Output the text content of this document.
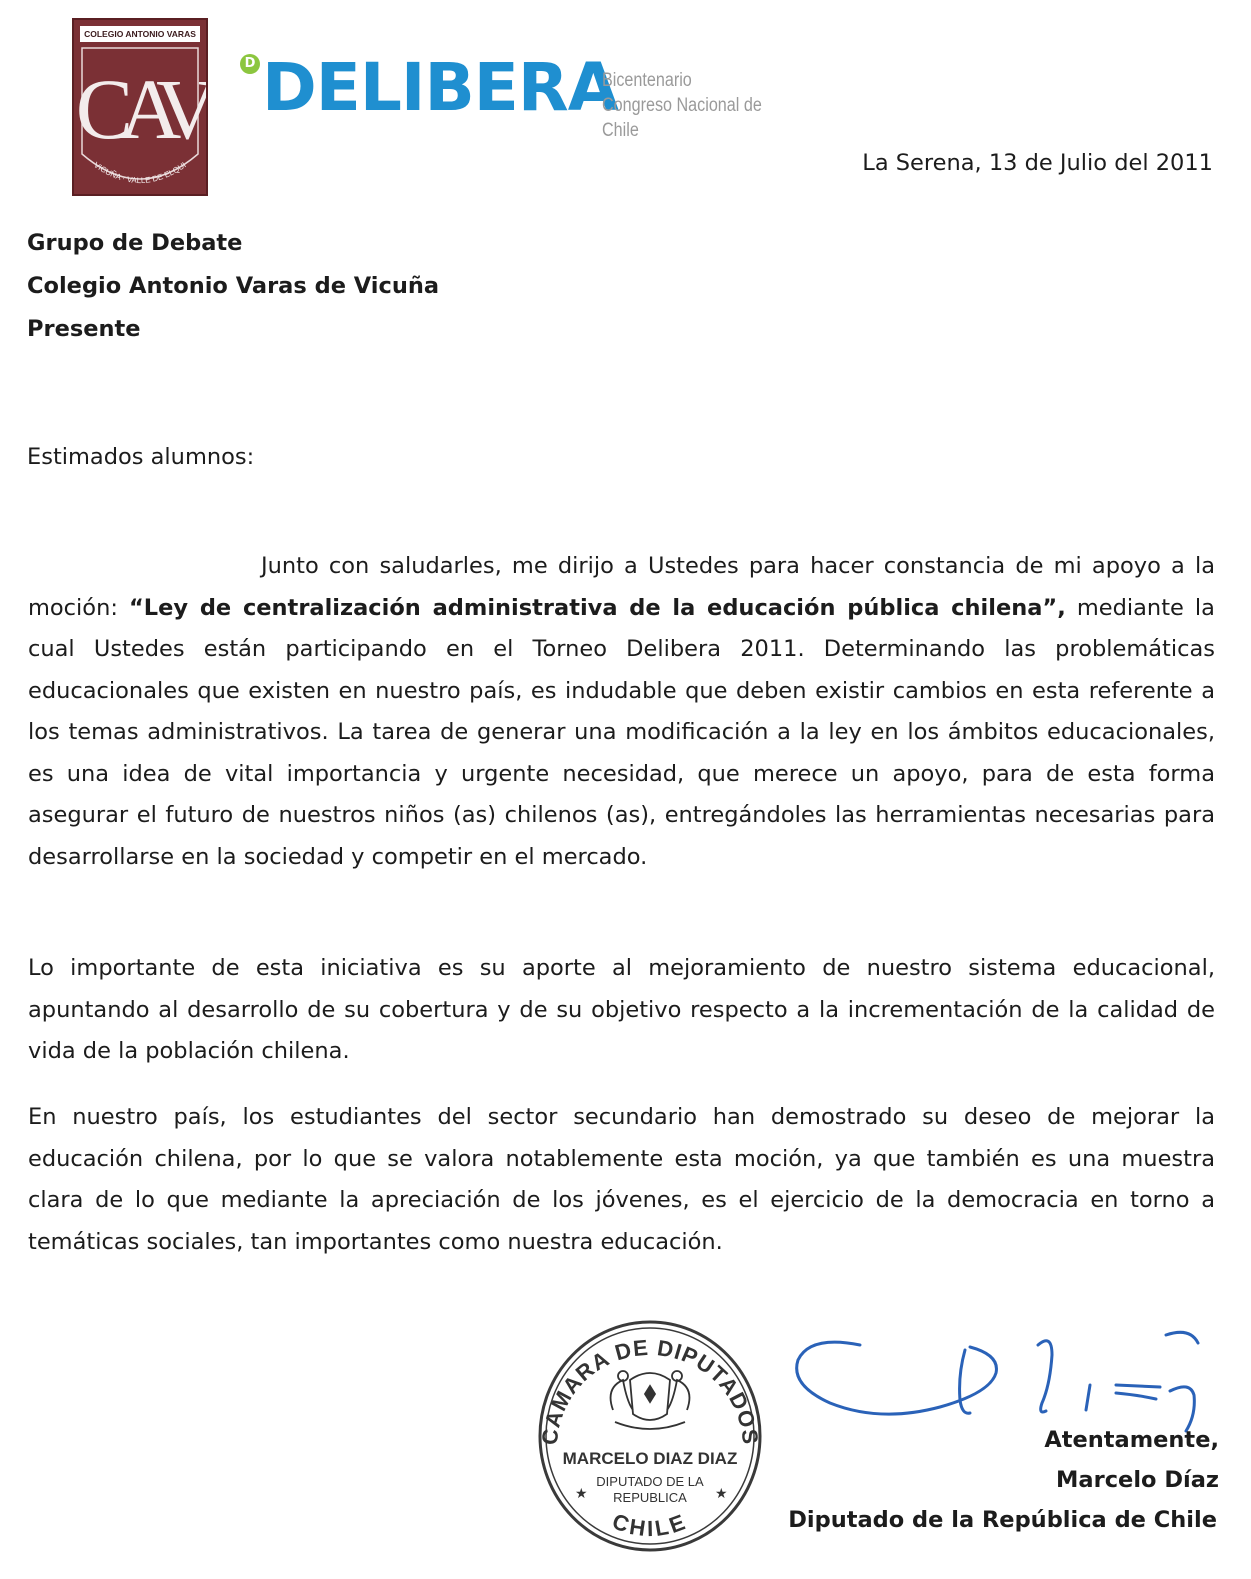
COLEGIO ANTONIO VARAS
CAV
VICUÑA · VALLE DE ELQUI
D DELIBERA
Bicentenario
Congreso Nacional de Chile
La Serena, 13 de Julio del 2011
Grupo de Debate
Colegio Antonio Varas de Vicuña
Presente
Estimados alumnos:
Junto con saludarles, me dirijo a Ustedes para hacer constancia de mi apoyo a la moción: “Ley de centralización administrativa de la educación pública chilena”, mediante la cual Ustedes están participando en el Torneo Delibera 2011. Determinando las problemáticas educacionales que existen en nuestro país, es indudable que deben existir cambios en esta referente a los temas administrativos. La tarea de generar una modificación a la ley en los ámbitos educacionales, es una idea de vital importancia y urgente necesidad, que merece un apoyo, para de esta forma asegurar el futuro de nuestros niños (as) chilenos (as), entregándoles las herramientas necesarias para desarrollarse en la sociedad y competir en el mercado.
Lo importante de esta iniciativa es su aporte al mejoramiento de nuestro sistema educacional, apuntando al desarrollo de su cobertura y de su objetivo respecto a la incrementación de la calidad de vida de la población chilena.
En nuestro país, los estudiantes del sector secundario han demostrado su deseo de mejorar la educación chilena, por lo que se valora notablemente esta moción, ya que también es una muestra clara de lo que mediante la apreciación de los jóvenes, es el ejercicio de la democracia en torno a temáticas sociales, tan importantes como nuestra educación.
CAMARA DE DIPUTADOS
MARCELO DIAZ DIAZ
DIPUTADO DE LA
REPUBLICA
★	★
CHILE
Atentamente,
Marcelo Díaz
Diputado de la República de Chile
